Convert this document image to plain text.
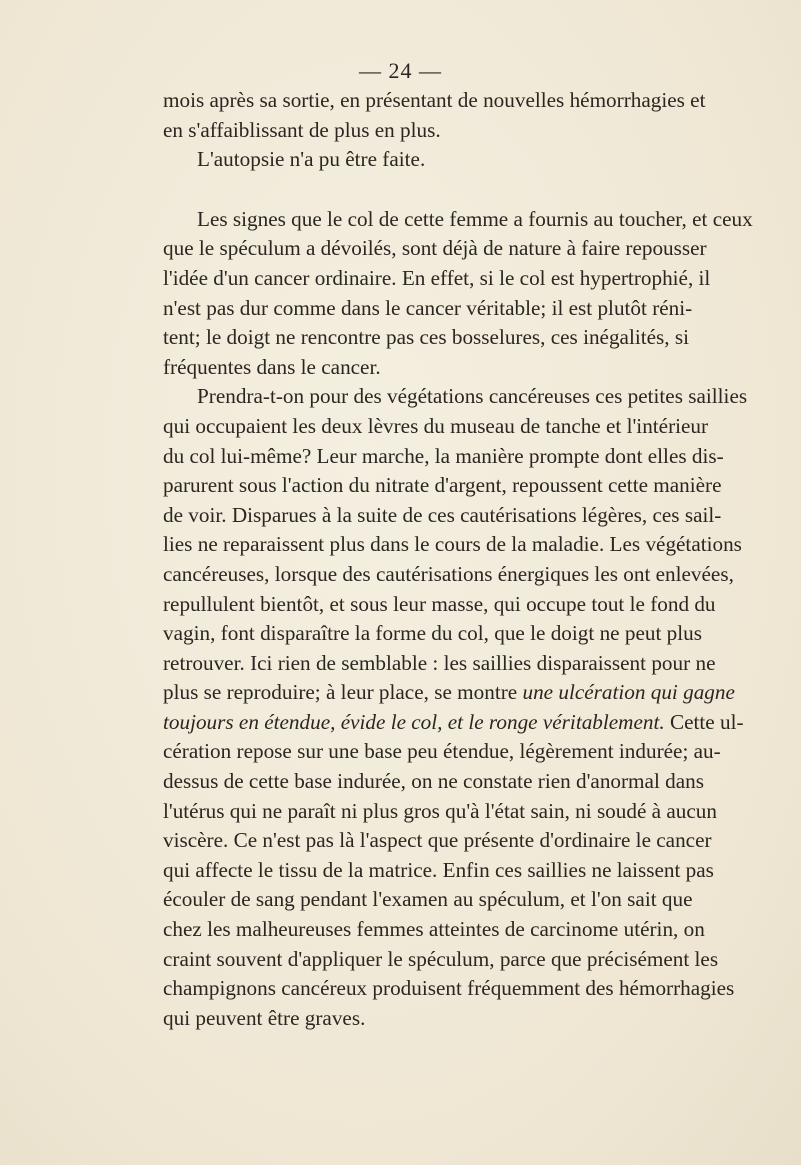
— 24 —

mois après sa sortie, en présentant de nouvelles hémorrhagies et
en s'affaiblissant de plus en plus.

L'autopsie n'a pu être faite.

Les signes que le col de cette femme a fournis au toucher, et ceux
que le spéculum a dévoilés, sont déjà de nature à faire repousser
l'idée d'un cancer ordinaire. En effet, si le col est hypertrophié, il
n'est pas dur comme dans le cancer véritable; il est plutôt réni-
tent; le doigt ne rencontre pas ces bosselures, ces inégalités, si
fréquentes dans le cancer.

Prendra-t-on pour des végétations cancéreuses ces petites saillies
qui occupaient les deux lèvres du museau de tanche et l'intérieur
du col lui-même? Leur marche, la manière prompte dont elles dis-
parurent sous l'action du nitrate d'argent, repoussent cette manière
de voir. Disparues à la suite de ces cautérisations légères, ces sail-
lies ne reparaissent plus dans le cours de la maladie. Les végétations
cancéreuses, lorsque des cautérisations énergiques les ont enlevées,
repullulent bientôt, et sous leur masse, qui occupe tout le fond du
vagin, font disparaître la forme du col, que le doigt ne peut plus
retrouver. Ici rien de semblable : les saillies disparaissent pour ne
plus se reproduire; à leur place, se montre une ulcération qui gagne
toujours en étendue, évide le col, et le ronge véritablement. Cette ul-
cération repose sur une base peu étendue, légèrement indurée; au-
dessus de cette base indurée, on ne constate rien d'anormal dans
l'utérus qui ne paraît ni plus gros qu'à l'état sain, ni soudé à aucun
viscère. Ce n'est pas là l'aspect que présente d'ordinaire le cancer
qui affecte le tissu de la matrice. Enfin ces saillies ne laissent pas
écouler de sang pendant l'examen au spéculum, et l'on sait que
chez les malheureuses femmes atteintes de carcinome utérin, on
craint souvent d'appliquer le spéculum, parce que précisément les
champignons cancéreux produisent fréquemment des hémorrhagies
qui peuvent être graves.
